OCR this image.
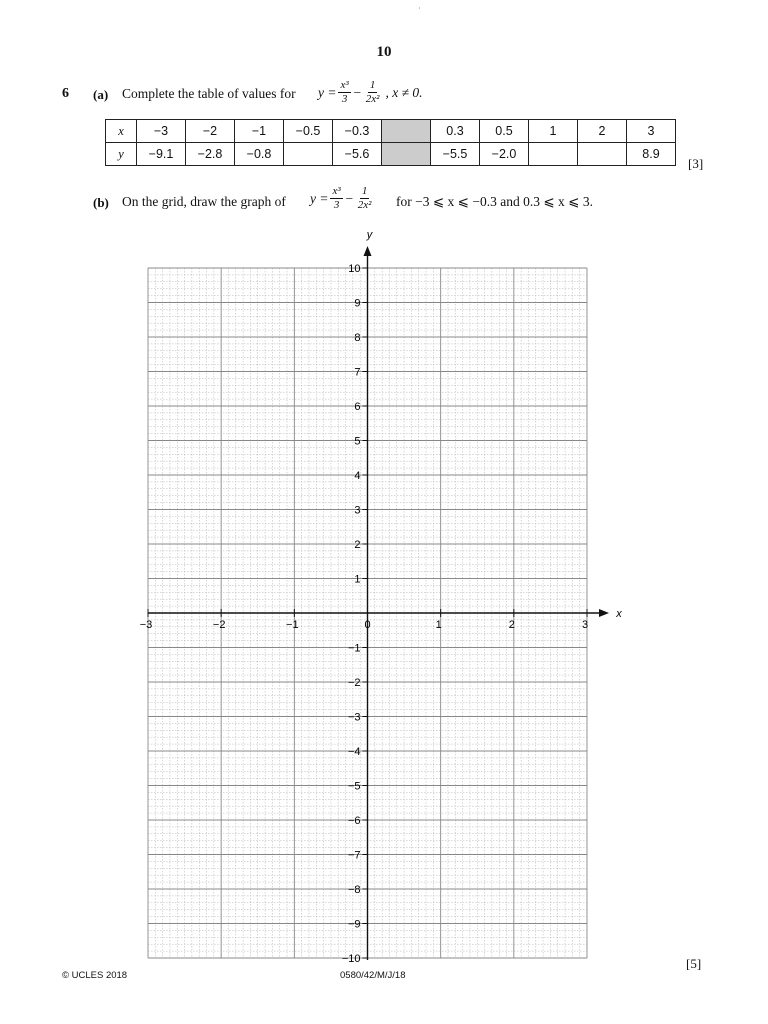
·
10
6 (a) Complete the table of values for $y = \frac{\text{x³}}{3} - \frac{1}{\text{2x²}}$ , x ≠ 0.
x	−3	−2	−1	−0.5	−0.3		0.3	0.5	1	2	3
y	−9.1	−2.8	−0.8		−5.6		−5.5	−2.0			8.9
[3]
(b) On the grid, draw the graph of $y = \frac{\text{x³}}{3} - \frac{1}{\text{2x²}}$ for −3 ⩽ x ⩽ −0.3 and 0.3 ⩽ x ⩽ 3.
y
x
−3	−2	−1	0	1	2	3
10
9
8
7
6
5
4
3
2
1
−1
−2
−3
−4
−5
−6
−7
−8
−9
−10	[5]
© UCLES 2018	0580/42/M/J/18
